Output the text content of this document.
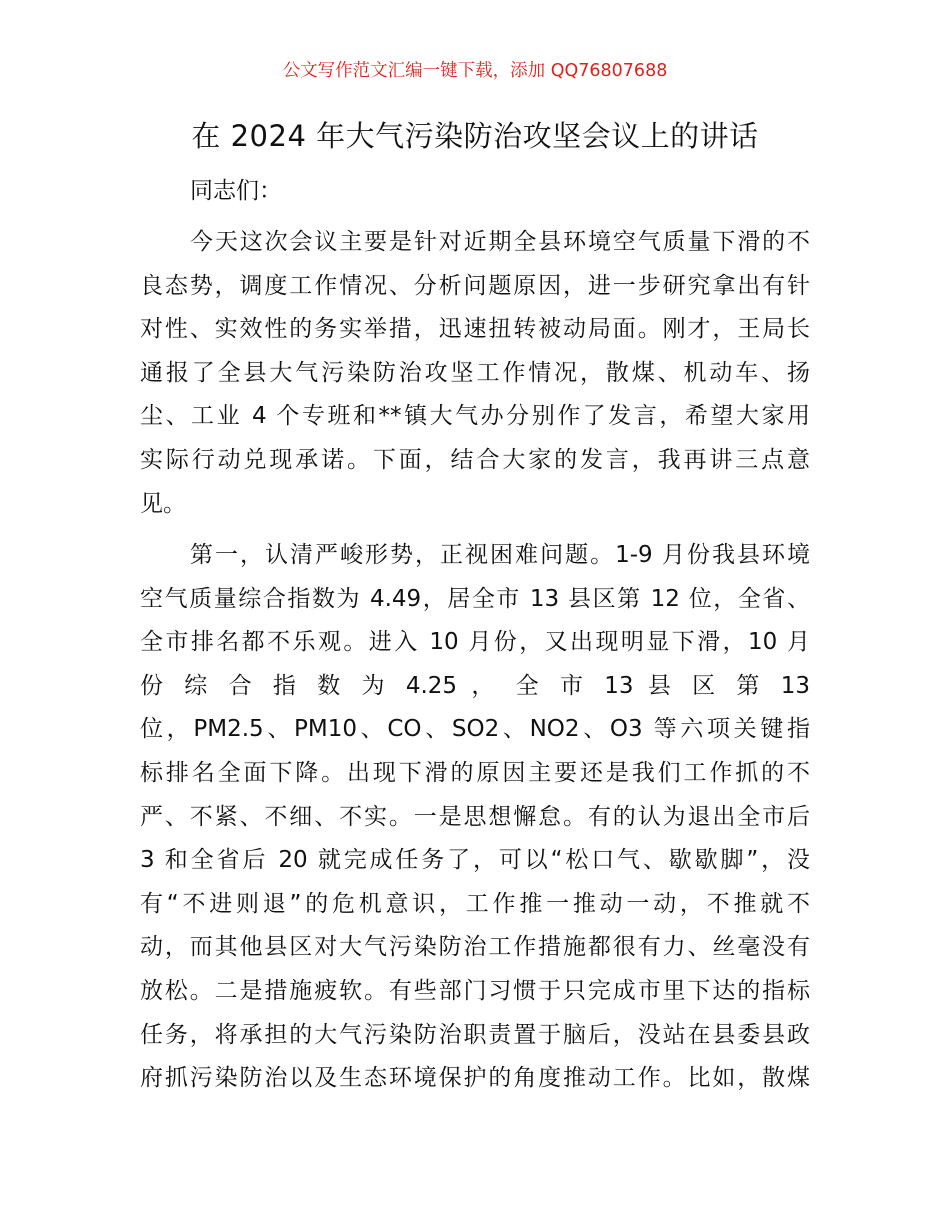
公文写作范文汇编一键下载，添加 QQ76807688
在 2024 年大气污染防治攻坚会议上的讲话
同志们：
今天这次会议主要是针对近期全县环境空气质量下滑的不
良态势，调度工作情况、分析问题原因，进一步研究拿出有针
对性、实效性的务实举措，迅速扭转被动局面。刚才，王局长
通报了全县大气污染防治攻坚工作情况，散煤、机动车、扬
尘、工业 4 个专班和**镇大气办分别作了发言，希望大家用
实际行动兑现承诺。下面，结合大家的发言，我再讲三点意
见。
第一，认清严峻形势，正视困难问题。1-9 月份我县环境
空气质量综合指数为 4.49，居全市 13 县区第 12 位，全省、
全市排名都不乐观。进入 10 月份，又出现明显下滑，10 月
份 综 合 指 数 为 4.25 ， 全 市 13 县 区 第 13
位，PM2.5、PM10、CO、SO2、NO2、O3 等六项关键指
标排名全面下降。出现下滑的原因主要还是我们工作抓的不
严、不紧、不细、不实。一是思想懈怠。有的认为退出全市后
3 和全省后 20 就完成任务了，可以“松口气、歇歇脚”，没
有“不进则退”的危机意识，工作推一推动一动，不推就不
动，而其他县区对大气污染防治工作措施都很有力、丝毫没有
放松。二是措施疲软。有些部门习惯于只完成市里下达的指标
任务，将承担的大气污染防治职责置于脑后，没站在县委县政
府抓污染防治以及生态环境保护的角度推动工作。比如，散煤
